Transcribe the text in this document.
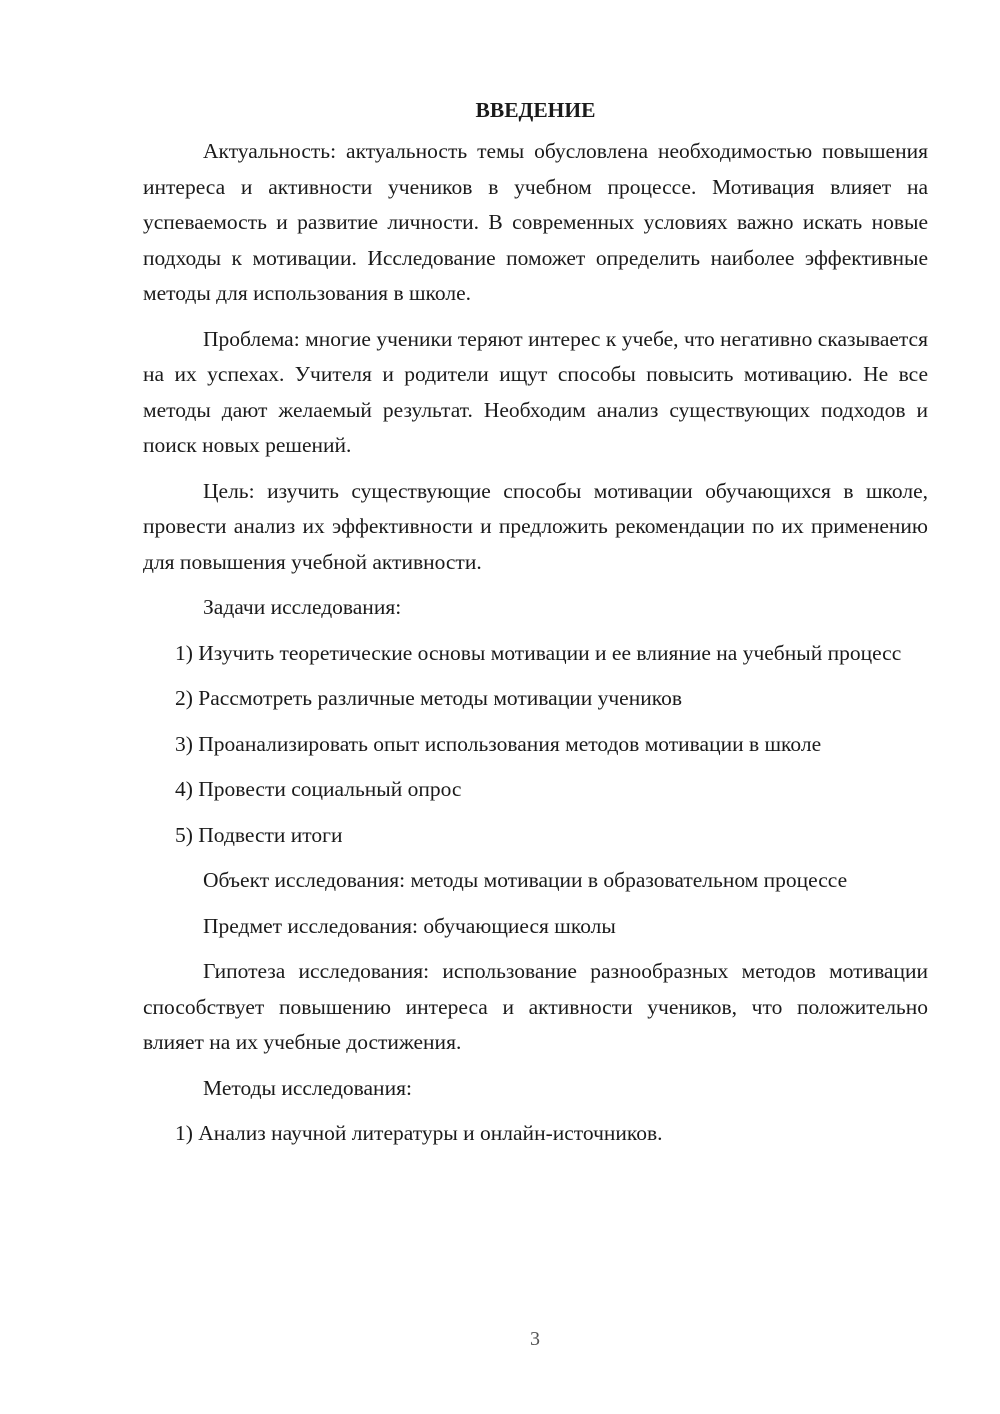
ВВЕДЕНИЕ

Актуальность: актуальность темы обусловлена необходимостью повышения интереса и активности учеников в учебном процессе. Мотивация влияет на успеваемость и развитие личности. В современных условиях важно искать новые подходы к мотивации. Исследование поможет определить наиболее эффективные методы для использования в школе.

Проблема: многие ученики теряют интерес к учебе, что негативно сказывается на их успехах. Учителя и родители ищут способы повысить мотивацию. Не все методы дают желаемый результат. Необходим анализ существующих подходов и поиск новых решений.

Цель: изучить существующие способы мотивации обучающихся в школе, провести анализ их эффективности и предложить рекомендации по их применению для повышения учебной активности.

Задачи исследования:

1) Изучить теоретические основы мотивации и ее влияние на учебный процесс

2) Рассмотреть различные методы мотивации учеников

3) Проанализировать опыт использования методов мотивации в школе

4) Провести социальный опрос

5) Подвести итоги

Объект исследования: методы мотивации в образовательном процессе

Предмет исследования: обучающиеся школы

Гипотеза исследования: использование разнообразных методов мотивации способствует повышению интереса и активности учеников, что положительно влияет на их учебные достижения.

Методы исследования:

1) Анализ научной литературы и онлайн-источников.

3
